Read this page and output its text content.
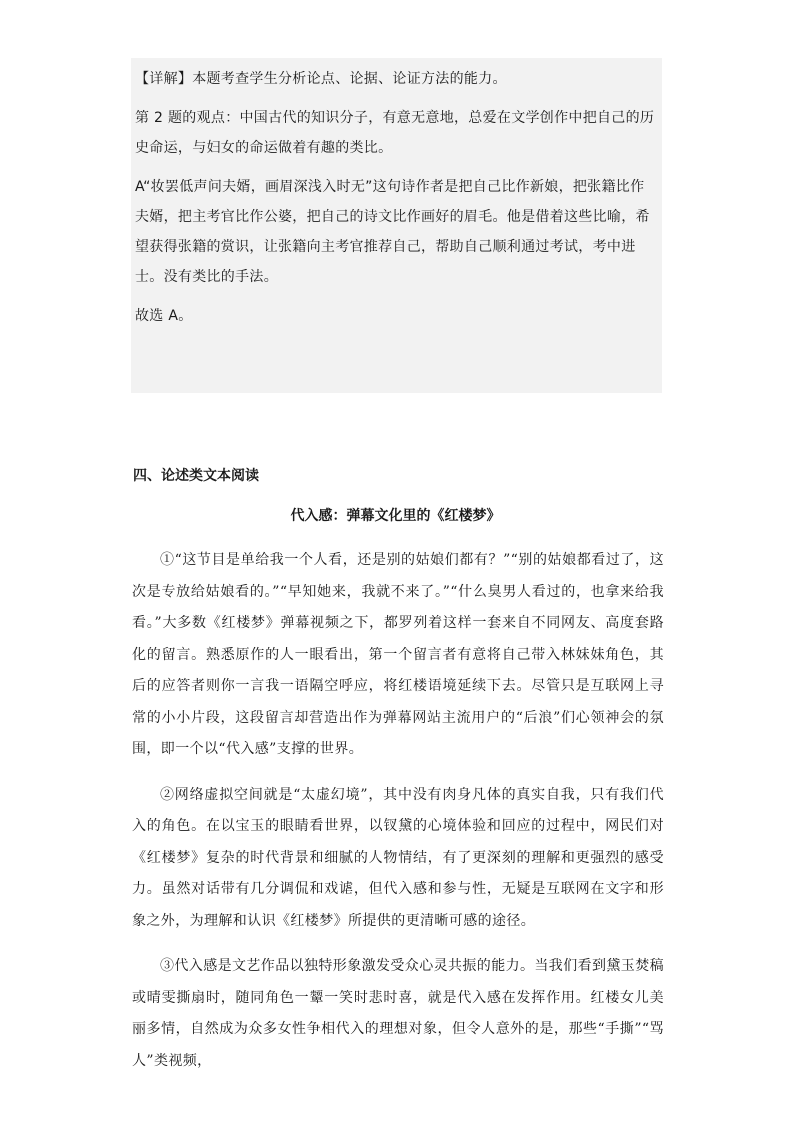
【详解】本题考查学生分析论点、论据、论证方法的能力。

第 2 题的观点：中国古代的知识分子，有意无意地，总爱在文学创作中把自己的历史命运，与妇女的命运做着有趣的类比。

A“妆罢低声问夫婿，画眉深浅入时无”这句诗作者是把自己比作新娘，把张籍比作夫婿，把主考官比作公婆，把自己的诗文比作画好的眉毛。他是借着这些比喻，希望获得张籍的赏识，让张籍向主考官推荐自己，帮助自己顺利通过考试，考中进士。没有类比的手法。

故选 A。

四、论述类文本阅读
代入感：弹幕文化里的《红楼梦》

①“这节目是单给我一个人看，还是别的姑娘们都有？”“别的姑娘都看过了，这次是专放给姑娘看的。”“早知她来，我就不来了。”“什么臭男人看过的，也拿来给我看。”大多数《红楼梦》弹幕视频之下，都罗列着这样一套来自不同网友、高度套路化的留言。熟悉原作的人一眼看出，第一个留言者有意将自己带入林妹妹角色，其后的应答者则你一言我一语隔空呼应，将红楼语境延续下去。尽管只是互联网上寻常的小小片段，这段留言却营造出作为弹幕网站主流用户的“后浪”们心领神会的氛围，即一个以“代入感”支撑的世界。

②网络虚拟空间就是“太虚幻境”，其中没有肉身凡体的真实自我，只有我们代入的角色。在以宝玉的眼睛看世界，以钗黛的心境体验和回应的过程中，网民们对《红楼梦》复杂的时代背景和细腻的人物情结，有了更深刻的理解和更强烈的感受力。虽然对话带有几分调侃和戏谑，但代入感和参与性，无疑是互联网在文字和形象之外，为理解和认识《红楼梦》所提供的更清晰可感的途径。

③代入感是文艺作品以独特形象激发受众心灵共振的能力。当我们看到黛玉焚稿或晴雯撕扇时，随同角色一颦一笑时悲时喜，就是代入感在发挥作用。红楼女儿美丽多情，自然成为众多女性争相代入的理想对象，但令人意外的是，那些“手撕”“骂人”类视频，
